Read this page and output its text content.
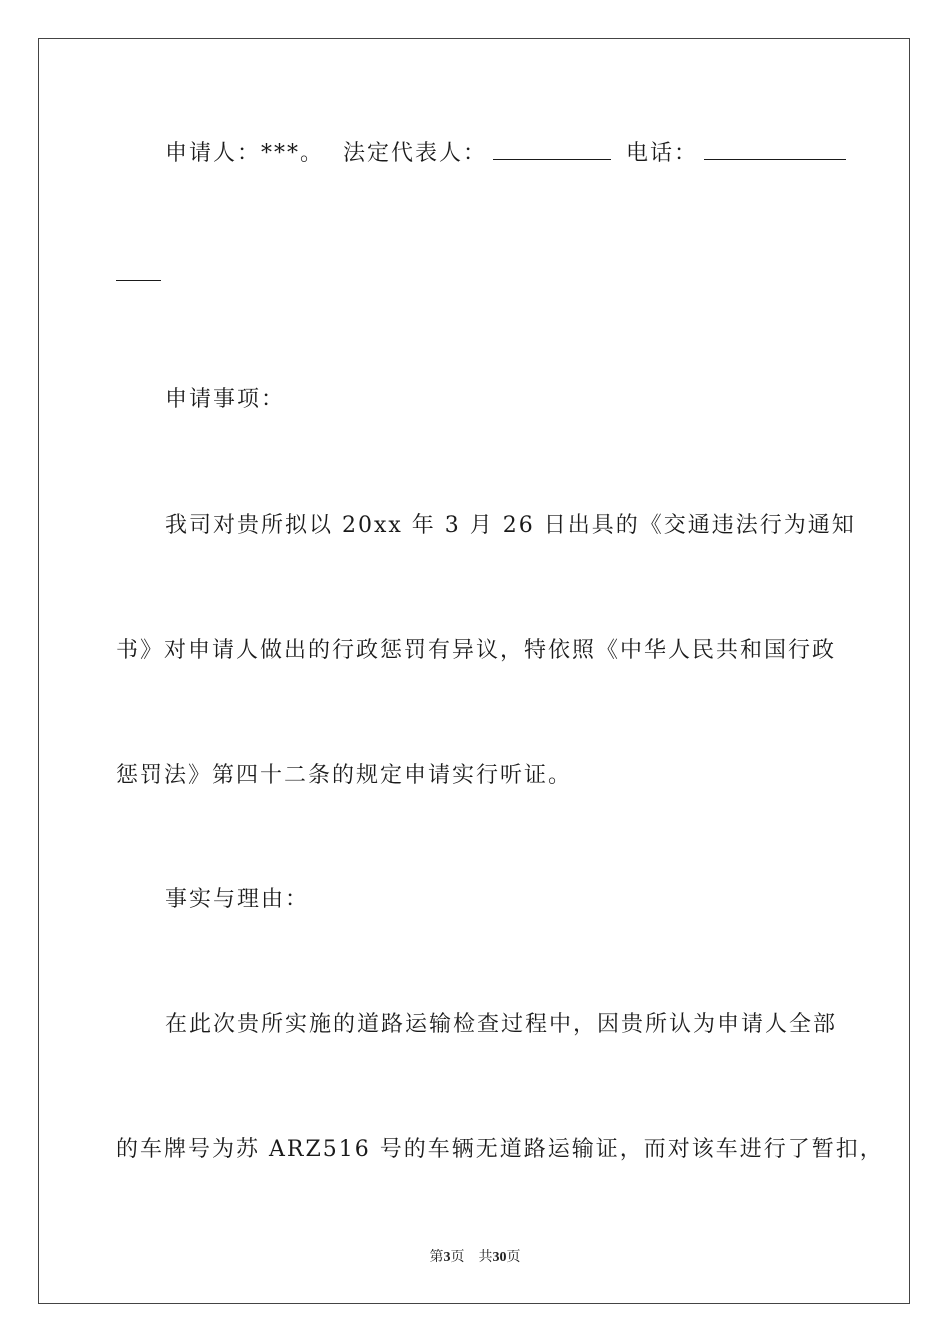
申请人：***。 法定代表人：	电话：
申请事项：
我司对贵所拟以 20xx 年 3 月 26 日出具的《交通违法行为通知
书》对申请人做出的行政惩罚有异议，特依照《中华人民共和国行政
惩罚法》第四十二条的规定申请实行听证。
事实与理由：
在此次贵所实施的道路运输检查过程中，因贵所认为申请人全部
的车牌号为苏 ARZ516 号的车辆无道路运输证，而对该车进行了暂扣，
第3页 共30页
